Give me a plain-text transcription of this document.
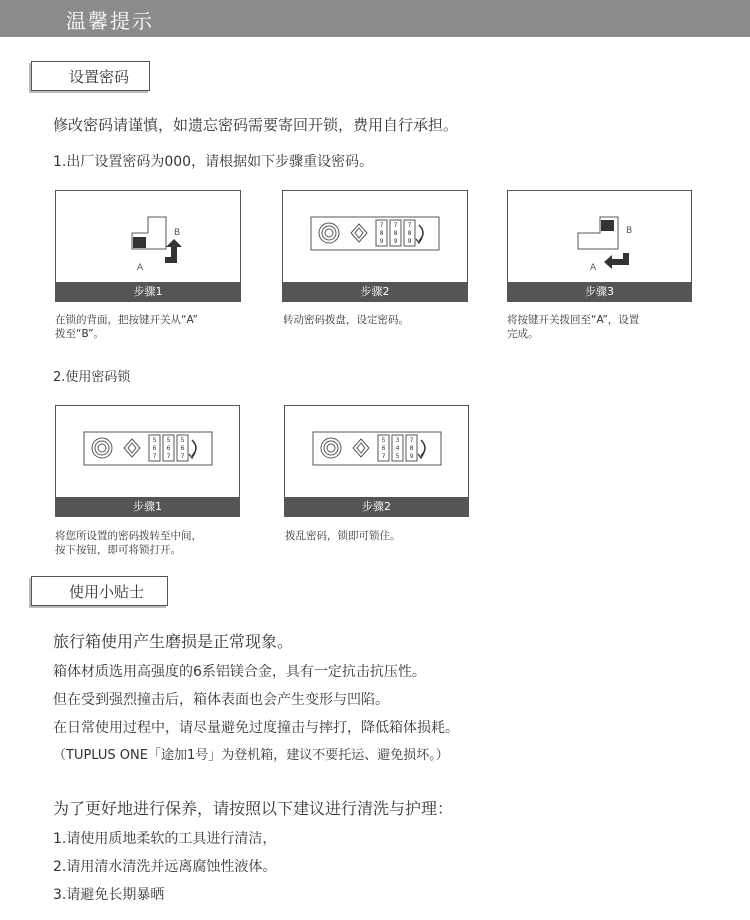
温馨提示
设置密码
修改密码请谨慎，如遗忘密码需要寄回开锁，费用自行承担。
1.出厂设置密码为000，请根据如下步骤重设密码。
A
B
步骤1
7
8
9
7
8
9
7
8
9
步骤2
A
B
步骤3
在锁的背面，把按键开关从“A”
拨至“B”。
转动密码拨盘，设定密码。	将按键开关拨回至“A”，设置
完成。
2.使用密码锁
5
6
7
5
6
7
5
6
7
步骤1
5
6
7
3
4
5
7
8
9
步骤2
将您所设置的密码拨转至中间，
按下按钮，即可将锁打开。
拨乱密码，锁即可锁住。
使用小贴士
旅行箱使用产生磨损是正常现象。
箱体材质选用高强度的6系铝镁合金，具有一定抗击抗压性。
但在受到强烈撞击后，箱体表面也会产生变形与凹陷。
在日常使用过程中，请尽量避免过度撞击与摔打，降低箱体损耗。
（TUPLUS ONE「途加1号」为登机箱，建议不要托运、避免损坏。）
为了更好地进行保养，请按照以下建议进行清洗与护理：
1.请使用质地柔软的工具进行清洁，
2.请用清水清洗并远离腐蚀性液体。
3.请避免长期暴晒
